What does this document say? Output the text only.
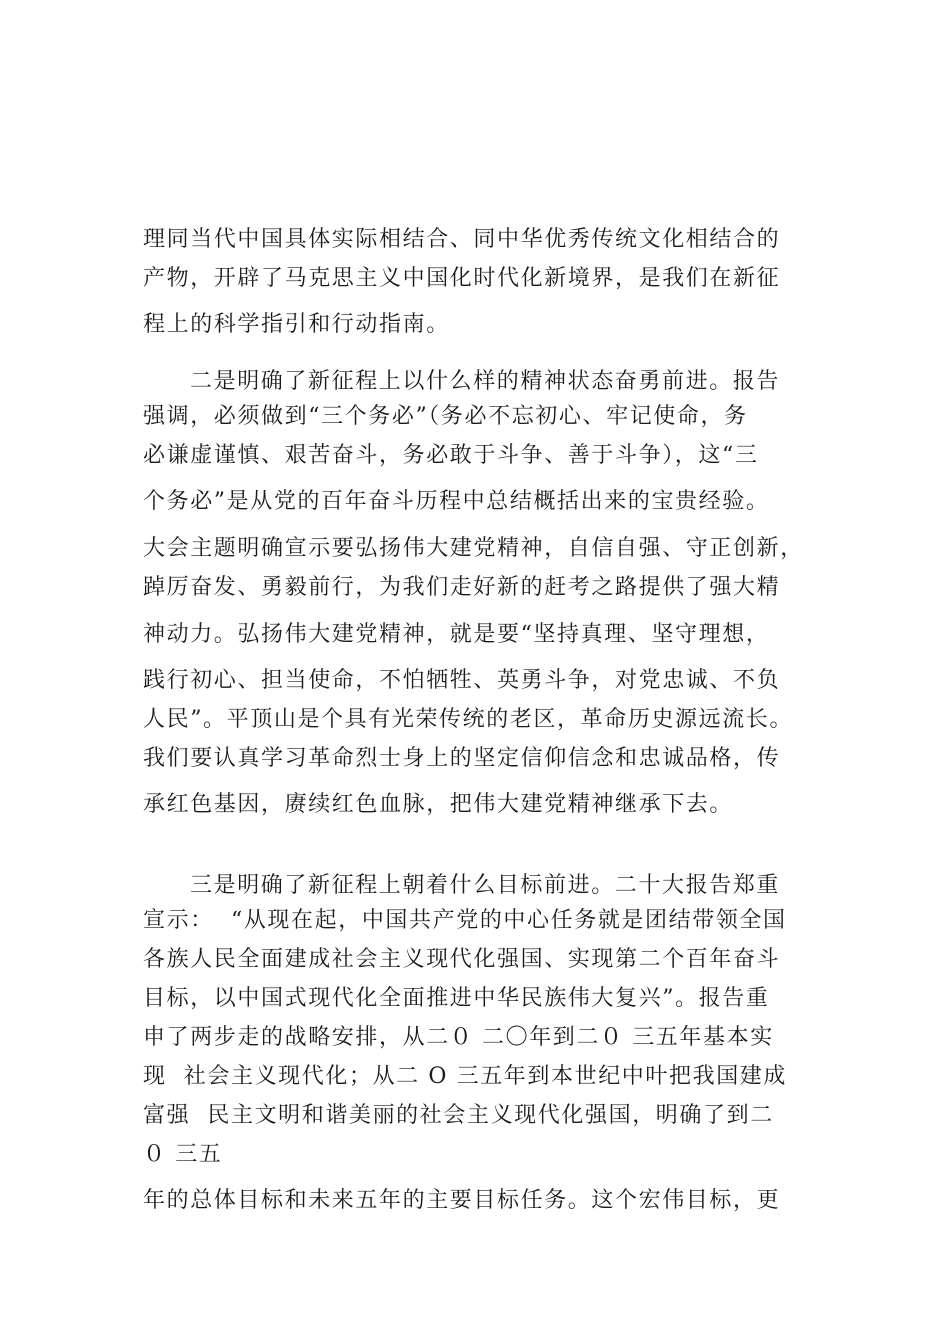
理同当代中国具体实际相结合、同中华优秀传统文化相结合的

产物，开辟了马克思主义中国化时代化新境界，是我们在新征

程上的科学指引和行动指南。

二是明确了新征程上以什么样的精神状态奋勇前进。报告

强调，必须做到“三个务必”（务必不忘初心、牢记使命，务

必谦虚谨慎、艰苦奋斗，务必敢于斗争、善于斗争），这“三

个务必”是从党的百年奋斗历程中总结概括出来的宝贵经验。

大会主题明确宣示要弘扬伟大建党精神，自信自强、守正创新，

踔厉奋发、勇毅前行，为我们走好新的赶考之路提供了强大精

神动力。弘扬伟大建党精神，就是要“坚持真理、坚守理想，

践行初心、担当使命，不怕牺牲、英勇斗争，对党忠诚、不负

人民”。平顶山是个具有光荣传统的老区，革命历史源远流长。

我们要认真学习革命烈士身上的坚定信仰信念和忠诚品格，传

承红色基因，赓续红色血脉，把伟大建党精神继承下去。

三是明确了新征程上朝着什么目标前进。二十大报告郑重

宣示：  “从现在起，中国共产党的中心任务就是团结带领全国

各族人民全面建成社会主义现代化强国、实现第二个百年奋斗

目标，以中国式现代化全面推进中华民族伟大复兴”。报告重

申了两步走的战略安排，从二０ 二〇年到二０ 三五年基本实

现  社会主义现代化；从二 O 三五年到本世纪中叶把我国建成

富强  民主文明和谐美丽的社会主义现代化强国，明确了到二

０ 三五

年的总体目标和未来五年的主要目标任务。这个宏伟目标，更
